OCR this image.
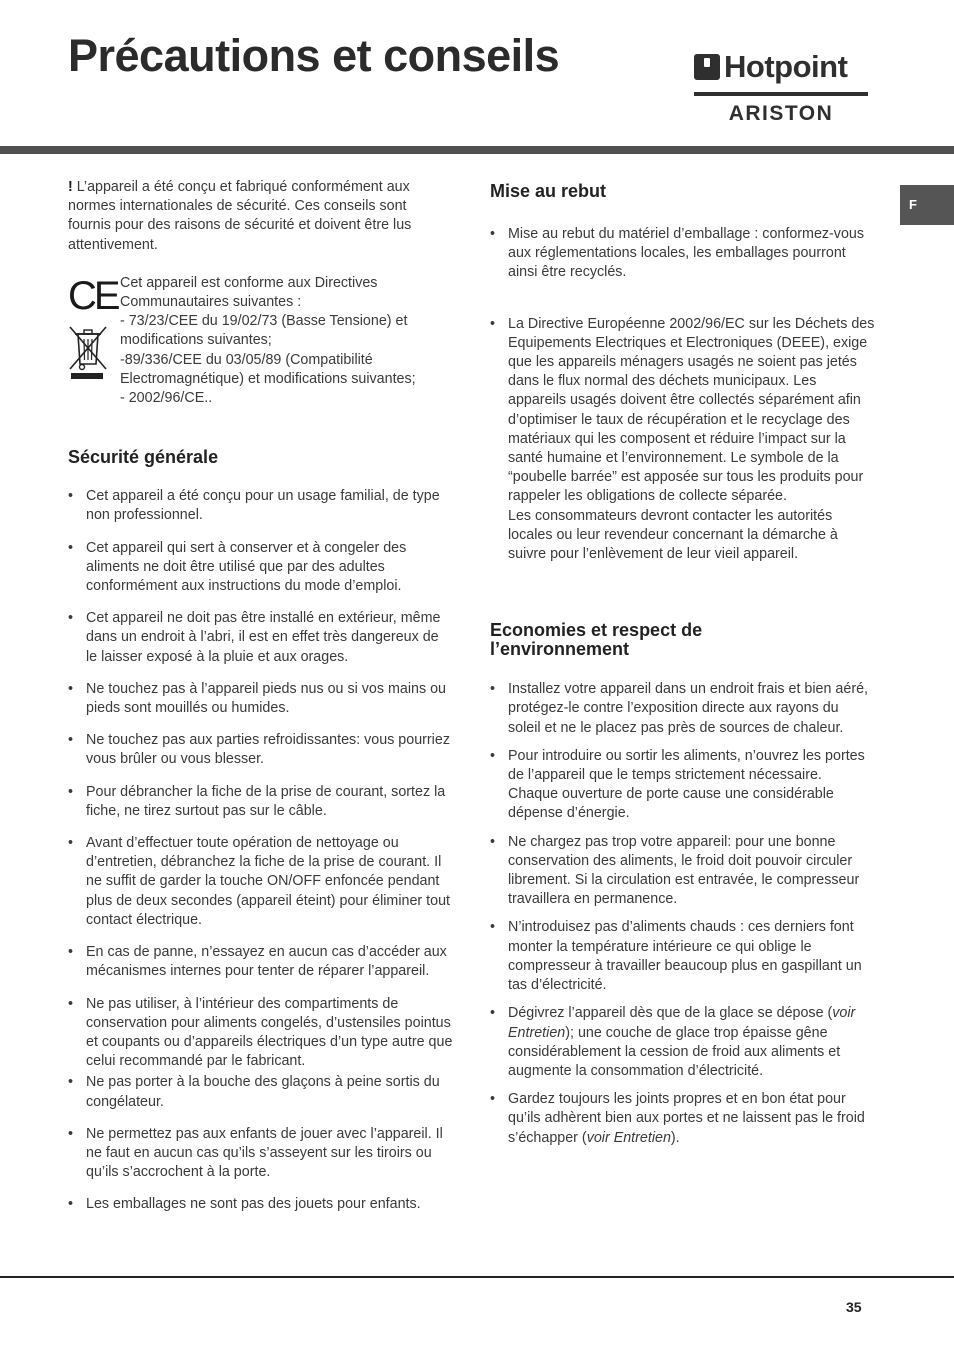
Précautions et conseils	Hotpoint
ARISTON
F

! L’appareil a été conçu et fabriqué conformément aux normes internationales de sécurité. Ces conseils sont fournis pour des raisons de sécurité et doivent être lus attentivement.

CE Cet appareil est conforme aux Directives Communautaires suivantes :

- 73/23/CEE du 19/02/73 (Basse Tensione) et modifications suivantes;

-89/336/CEE du 03/05/89 (Compatibilité Electromagnétique) et modifications suivantes;

- 2002/96/CE..

Sécurité générale
• Cet appareil a été conçu pour un usage familial, de type non professionnel.
• Cet appareil qui sert à conserver et à congeler des aliments ne doit être utilisé que par des adultes conformément aux instructions du mode d’emploi.
• Cet appareil ne doit pas être installé en extérieur, même dans un endroit à l’abri, il est en effet très dangereux de le laisser exposé à la pluie et aux orages.
• Ne touchez pas à l’appareil pieds nus ou si vos mains ou pieds sont mouillés ou humides.
• Ne touchez pas aux parties refroidissantes: vous pourriez vous brûler ou vous blesser.
• Pour débrancher la fiche de la prise de courant, sortez la fiche, ne tirez surtout pas sur le câble.
• Avant d’effectuer toute opération de nettoyage ou d’entretien, débranchez la fiche de la prise de courant. Il ne suffit de garder la touche ON/OFF enfoncée pendant plus de deux secondes (appareil éteint) pour éliminer tout contact électrique.
• En cas de panne, n’essayez en aucun cas d’accéder aux mécanismes internes pour tenter de réparer l’appareil.
• Ne pas utiliser, à l’intérieur des compartiments de conservation pour aliments congelés, d’ustensiles pointus et coupants ou d’appareils électriques d’un type autre que celui recommandé par le fabricant.
• Ne pas porter à la bouche des glaçons à peine sortis du congélateur.
• Ne permettez pas aux enfants de jouer avec l’appareil. Il ne faut en aucun cas qu’ils s’asseyent sur les tiroirs ou qu’ils s’accrochent à la porte.
• Les emballages ne sont pas des jouets pour enfants.
Mise au rebut
• Mise au rebut du matériel d’emballage : conformez-vous aux réglementations locales, les emballages pourront ainsi être recyclés.

• La Directive Européenne 2002/96/EC sur les Déchets des Equipements Electriques et Electroniques (DEEE), exige que les appareils ménagers usagés ne soient pas jetés dans le flux normal des déchets municipaux. Les appareils usagés doivent être collectés séparément afin d’optimiser le taux de récupération et le recyclage des matériaux qui les composent et réduire l’impact sur la santé humaine et l’environnement. Le symbole de la “poubelle barrée” est apposée sur tous les produits pour rappeler les obligations de collecte séparée.

Les consommateurs devront contacter les autorités locales ou leur revendeur concernant la démarche à suivre pour l’enlèvement de leur vieil appareil.

Economies et respect de
l’environnement
• Installez votre appareil dans un endroit frais et bien aéré, protégez-le contre l’exposition directe aux rayons du soleil et ne le placez pas près de sources de chaleur.
• Pour introduire ou sortir les aliments, n’ouvrez les portes de l’appareil que le temps strictement nécessaire. Chaque ouverture de porte cause une considérable dépense d’énergie.
• Ne chargez pas trop votre appareil: pour une bonne conservation des aliments, le froid doit pouvoir circuler librement. Si la circulation est entravée, le compresseur travaillera en permanence.
• N’introduisez pas d’aliments chauds : ces derniers font monter la température intérieure ce qui oblige le compresseur à travailler beaucoup plus en gaspillant un tas d’électricité.
• Dégivrez l’appareil dès que de la glace se dépose (voir Entretien); une couche de glace trop épaisse gêne considérablement la cession de froid aux aliments et augmente la consommation d’électricité.
• Gardez toujours les joints propres et en bon état pour qu’ils adhèrent bien aux portes et ne laissent pas le froid s’échapper (voir Entretien).
35
